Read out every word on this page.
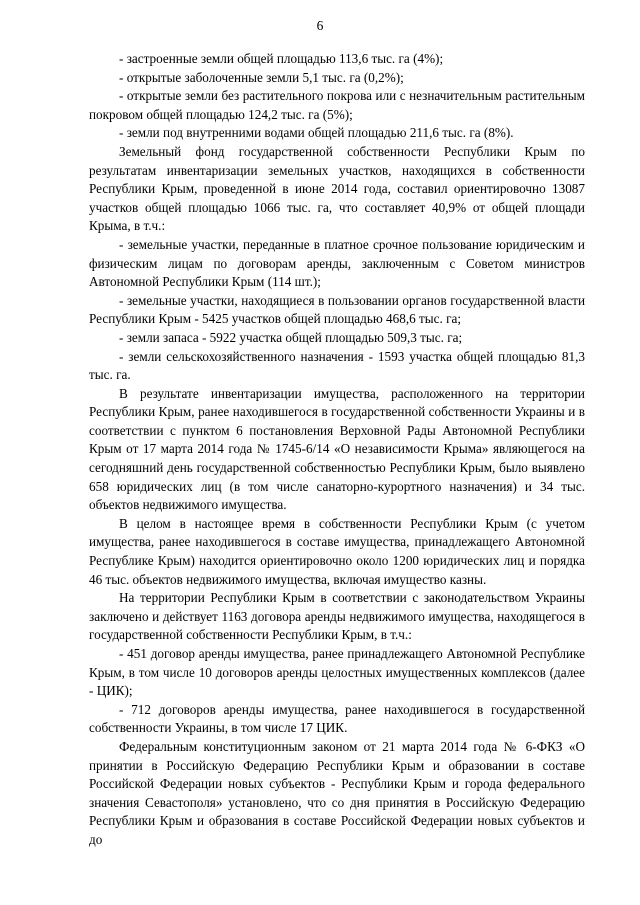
6

- застроенные земли общей площадью 113,6 тыс. га (4%);

- открытые заболоченные земли 5,1 тыс. га (0,2%);

- открытые земли без растительного покрова или с незначительным растительным покровом общей площадью 124,2 тыс. га (5%);

- земли под внутренними водами общей площадью 211,6 тыс. га (8%).

Земельный фонд государственной собственности Республики Крым по результатам инвентаризации земельных участков, находящихся в собственности Республики Крым, проведенной в июне 2014 года, составил ориентировочно 13087 участков общей площадью 1066 тыс. га, что составляет 40,9% от общей площади Крыма, в т.ч.:

- земельные участки, переданные в платное срочное пользование юридическим и физическим лицам по договорам аренды, заключенным с Советом министров Автономной Республики Крым (114 шт.);

- земельные участки, находящиеся в пользовании органов государственной власти Республики Крым - 5425 участков общей площадью 468,6 тыс. га;

- земли запаса - 5922 участка общей площадью 509,3 тыс. га;

- земли сельскохозяйственного назначения - 1593 участка общей площадью 81,3 тыс. га.

В результате инвентаризации имущества, расположенного на территории Республики Крым, ранее находившегося в государственной собственности Украины и в соответствии с пунктом 6 постановления Верховной Рады Автономной Республики Крым от 17 марта 2014 года № 1745-6/14 «О независимости Крыма» являющегося на сегодняшний день государственной собственностью Республики Крым, было выявлено 658 юридических лиц (в том числе санаторно-курортного назначения) и 34 тыс. объектов недвижимого имущества.

В целом в настоящее время в собственности Республики Крым (с учетом имущества, ранее находившегося в составе имущества, принадлежащего Автономной Республике Крым) находится ориентировочно около 1200 юридических лиц и порядка 46 тыс. объектов недвижимого имущества, включая имущество казны.

На территории Республики Крым в соответствии с законодательством Украины заключено и действует 1163 договора аренды недвижимого имущества, находящегося в государственной собственности Республики Крым, в т.ч.:

- 451 договор аренды имущества, ранее принадлежащего Автономной Республике Крым, в том числе 10 договоров аренды целостных имущественных комплексов (далее - ЦИК);

- 712 договоров аренды имущества, ранее находившегося в государственной собственности Украины, в том числе 17 ЦИК.

Федеральным конституционным законом от 21 марта 2014 года № 6-ФКЗ «О принятии в Российскую Федерацию Республики Крым и образовании в составе Российской Федерации новых субъектов - Республики Крым и города федерального значения Севастополя» установлено, что со дня принятия в Российскую Федерацию Республики Крым и образования в составе Российской Федерации новых субъектов и до
